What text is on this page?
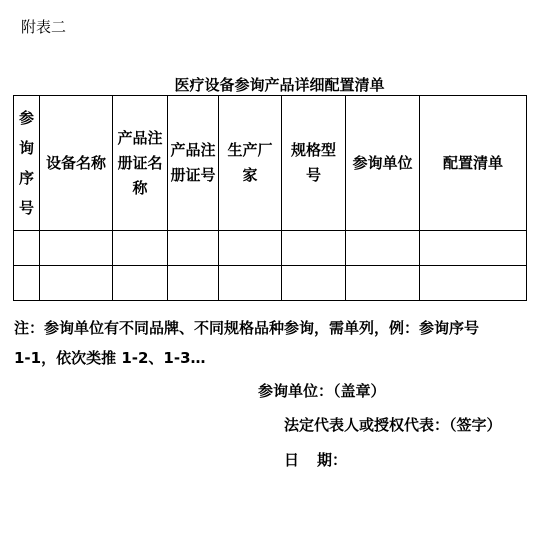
附表二
医疗设备参询产品详细配置清单
参询序号	设备名称	产品注册证名称	产品注册证号	生产厂家	规格型号	参询单位	配置清单

注：参询单位有不同品牌、不同规格品种参询，需单列，例：参询序号
1-1，依次类推 1-2、1-3…
参询单位：（盖章）
法定代表人或授权代表：（签字）
日 期：
